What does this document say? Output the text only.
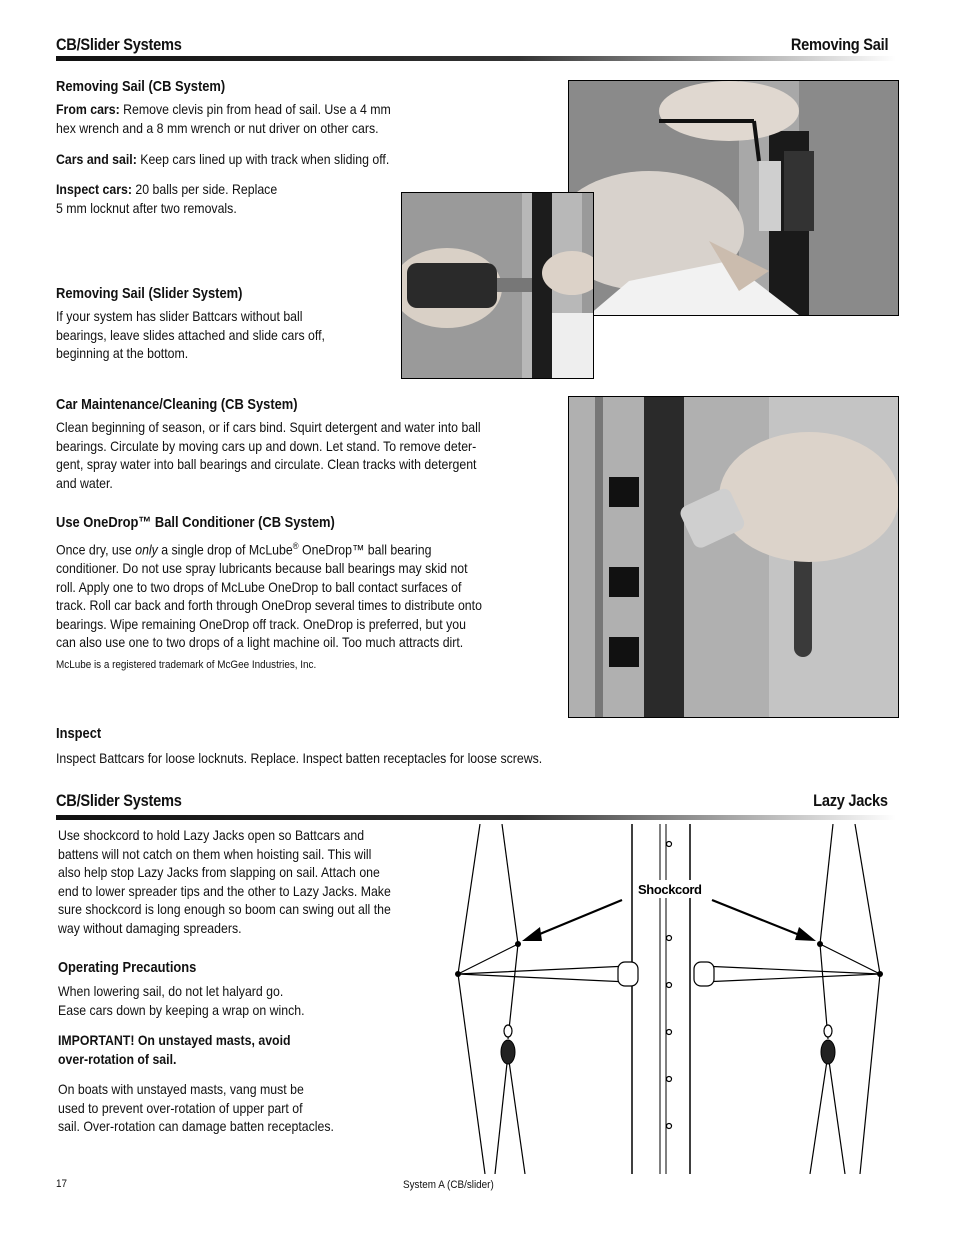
CB/Slider Systems	Removing Sail
Removing Sail (CB System)
From cars: Remove clevis pin from head of sail. Use a 4 mm
hex wrench and a 8 mm wrench or nut driver on other cars.
Cars and sail: Keep cars lined up with track when sliding off.
Inspect cars: 20 balls per side. Replace
5 mm locknut after two removals.
Removing Sail (Slider System)
If your system has slider Battcars without ball
bearings, leave slides attached and slide cars off,
beginning at the bottom.
Car Maintenance/Cleaning (CB System)
Clean beginning of season, or if cars bind. Squirt detergent and water into ball
bearings. Circulate by moving cars up and down. Let stand. To remove deter-
gent, spray water into ball bearings and circulate. Clean tracks with detergent
and water.
Use OneDrop™ Ball Conditioner (CB System)
Once dry, use only a single drop of McLube® OneDrop™ ball bearing
conditioner. Do not use spray lubricants because ball bearings may skid not
roll. Apply one to two drops of McLube OneDrop to ball contact surfaces of
track. Roll car back and forth through OneDrop several times to distribute onto
bearings. Wipe remaining OneDrop off track. OneDrop is preferred, but you
can also use one to two drops of a light machine oil. Too much attracts dirt.
McLube is a registered trademark of McGee Industries, Inc.
Inspect
Inspect Battcars for loose locknuts. Replace. Inspect batten receptacles for loose screws.
CB/Slider Systems	Lazy Jacks
Use shockcord to hold Lazy Jacks open so Battcars and
battens will not catch on them when hoisting sail. This will
also help stop Lazy Jacks from slapping on sail. Attach one
end to lower spreader tips and the other to Lazy Jacks. Make
sure shockcord is long enough so boom can swing out all the
way without damaging spreaders.
Operating Precautions
When lowering sail, do not let halyard go.
Ease cars down by keeping a wrap on winch.
IMPORTANT! On unstayed masts, avoid
over-rotation of sail.
On boats with unstayed masts, vang must be
used to prevent over-rotation of upper part of
sail. Over-rotation can damage batten receptacles.
Shockcord
17	System A (CB/slider)
